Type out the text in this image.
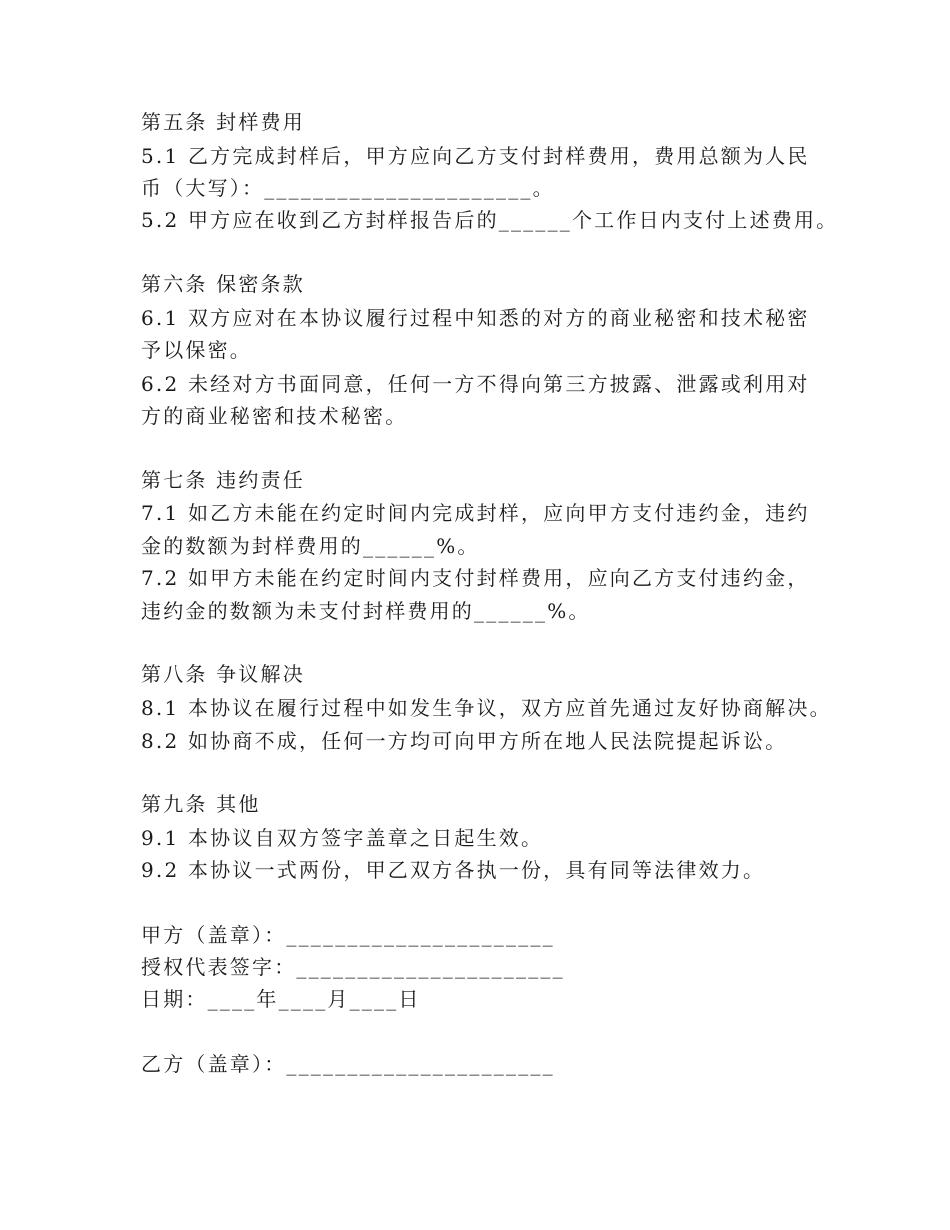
第五条 封样费用
5.1 乙方完成封样后，甲方应向乙方支付封样费用，费用总额为人民
币（大写）：______________________。
5.2 甲方应在收到乙方封样报告后的______个工作日内支付上述费用。
第六条 保密条款
6.1 双方应对在本协议履行过程中知悉的对方的商业秘密和技术秘密
予以保密。
6.2 未经对方书面同意，任何一方不得向第三方披露、泄露或利用对
方的商业秘密和技术秘密。
第七条 违约责任
7.1 如乙方未能在约定时间内完成封样，应向甲方支付违约金，违约
金的数额为封样费用的______%。
7.2 如甲方未能在约定时间内支付封样费用，应向乙方支付违约金，
违约金的数额为未支付封样费用的______%。
第八条 争议解决
8.1 本协议在履行过程中如发生争议，双方应首先通过友好协商解决。
8.2 如协商不成，任何一方均可向甲方所在地人民法院提起诉讼。
第九条 其他
9.1 本协议自双方签字盖章之日起生效。
9.2 本协议一式两份，甲乙双方各执一份，具有同等法律效力。
甲方（盖章）：______________________
授权代表签字：______________________
日期：____年____月____日
乙方（盖章）：______________________
